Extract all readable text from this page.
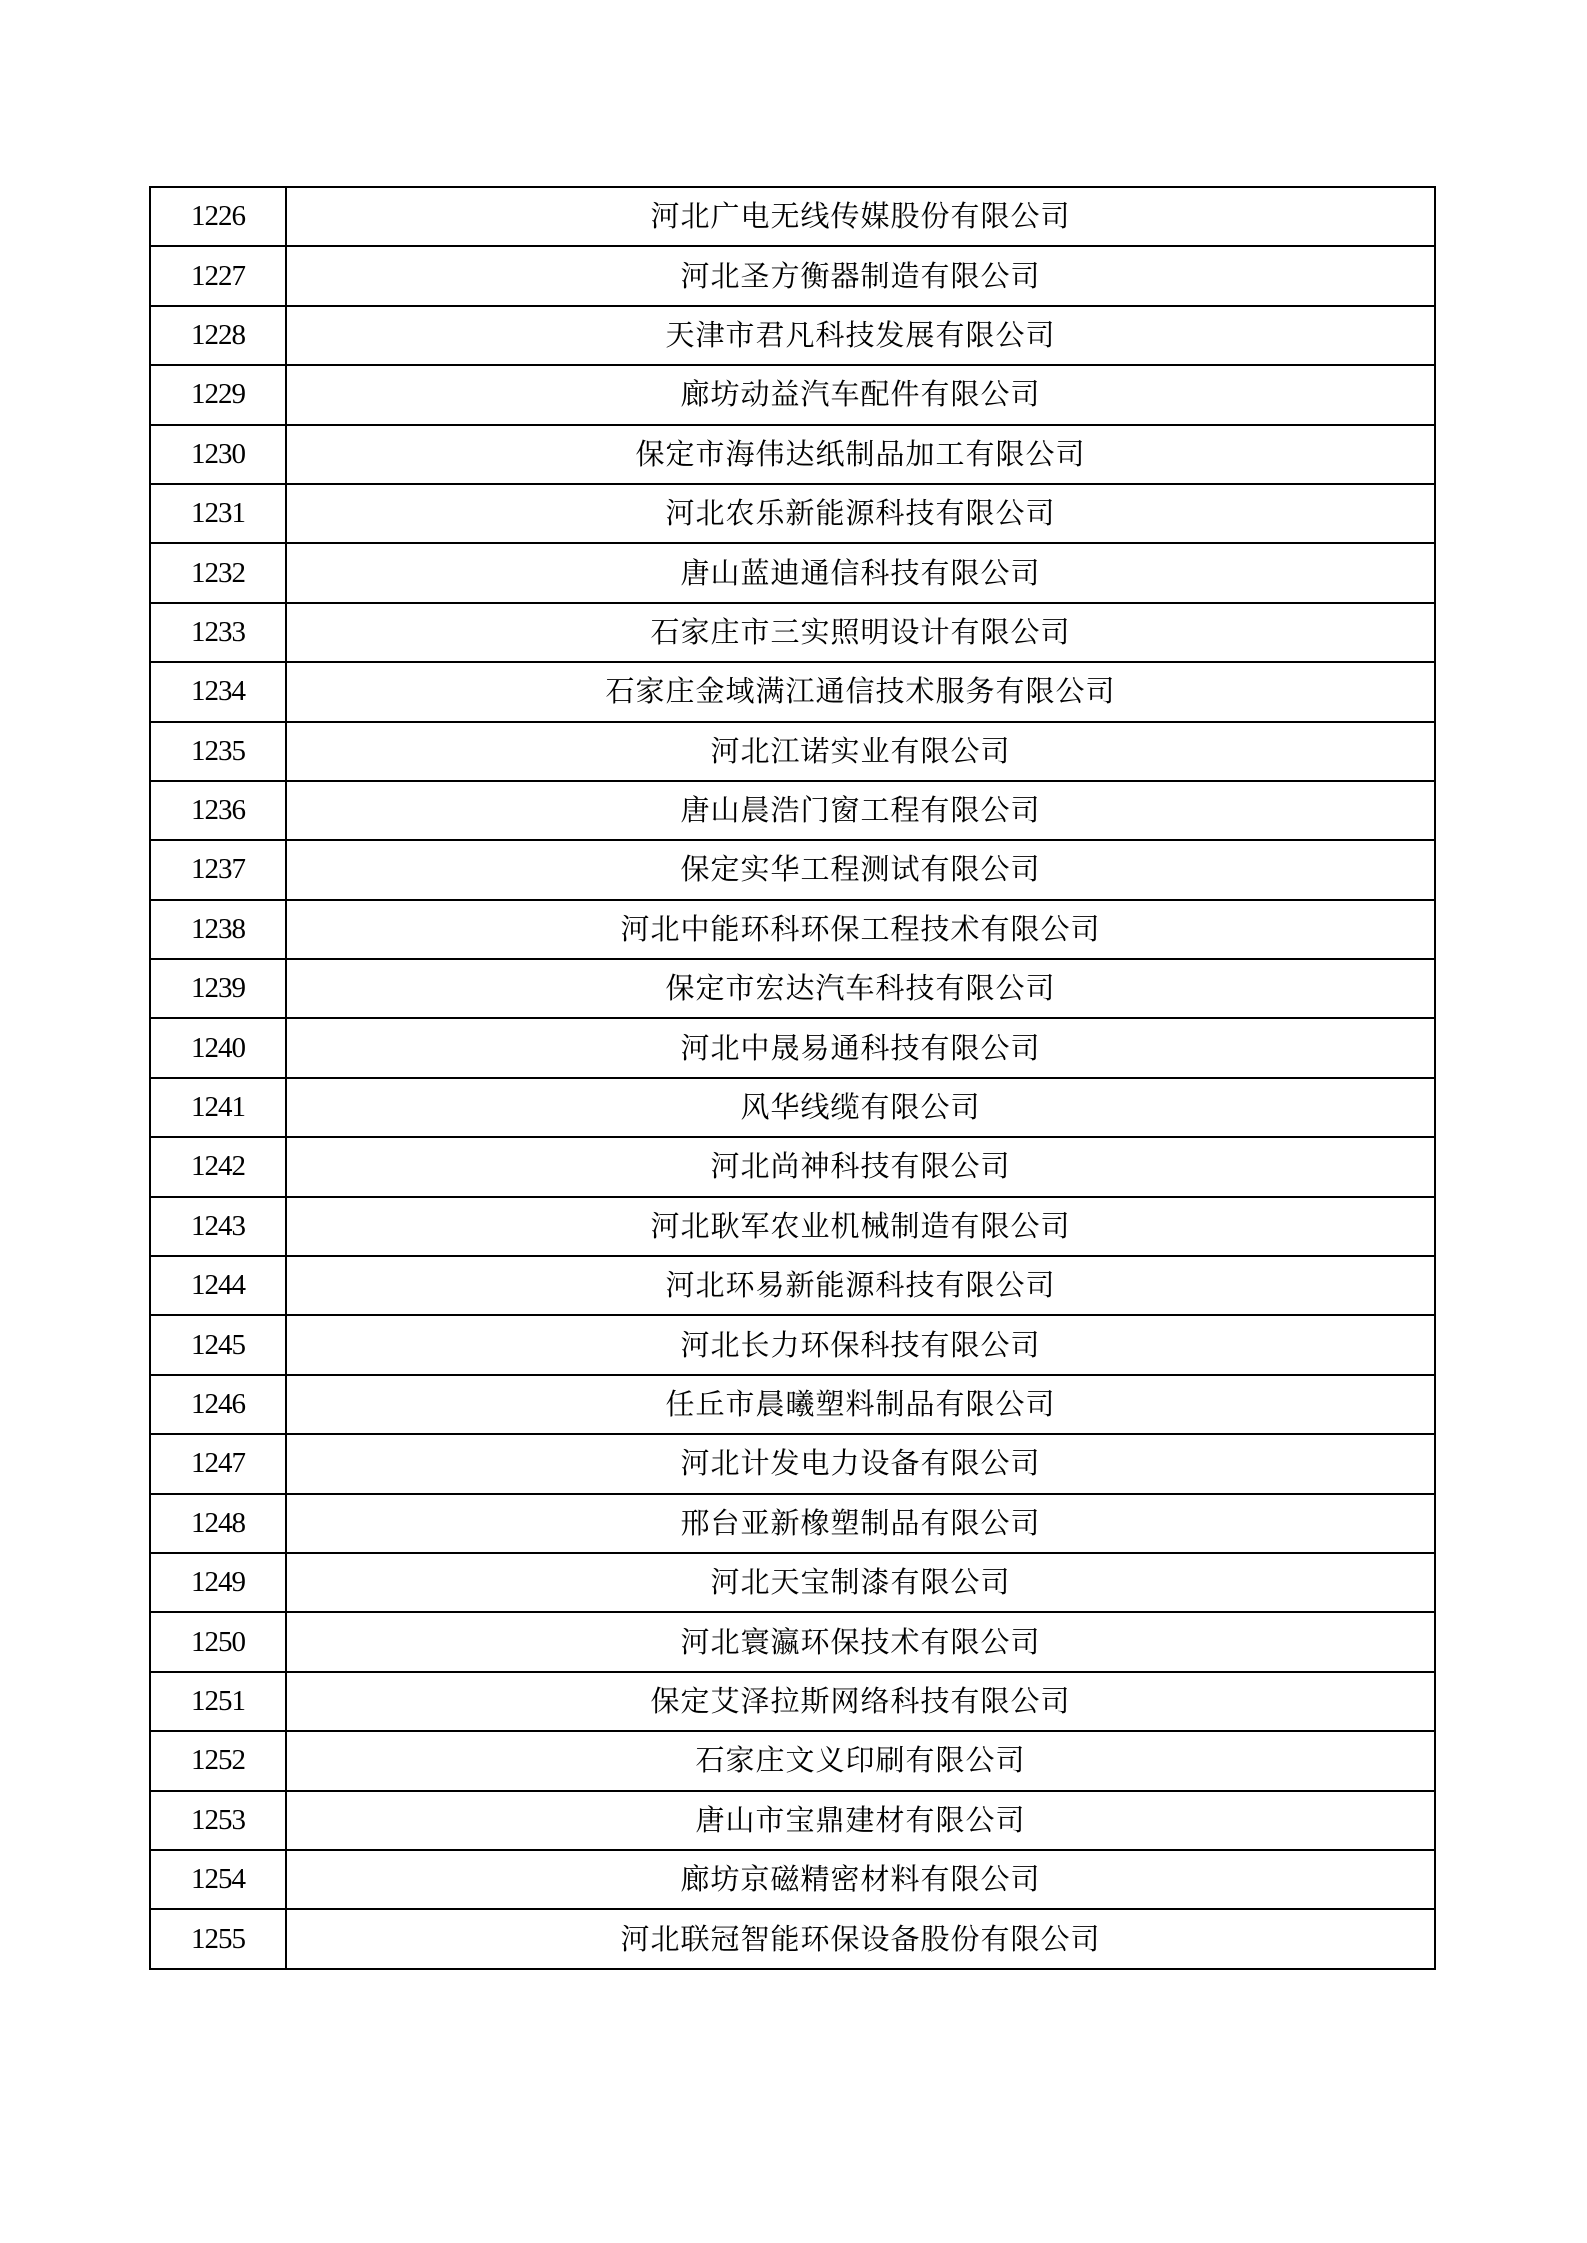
1226	河北广电无线传媒股份有限公司
1227	河北圣方衡器制造有限公司
1228	天津市君凡科技发展有限公司
1229	廊坊动益汽车配件有限公司
1230	保定市海伟达纸制品加工有限公司
1231	河北农乐新能源科技有限公司
1232	唐山蓝迪通信科技有限公司
1233	石家庄市三实照明设计有限公司
1234	石家庄金域满江通信技术服务有限公司
1235	河北江诺实业有限公司
1236	唐山晨浩门窗工程有限公司
1237	保定实华工程测试有限公司
1238	河北中能环科环保工程技术有限公司
1239	保定市宏达汽车科技有限公司
1240	河北中晟易通科技有限公司
1241	风华线缆有限公司
1242	河北尚神科技有限公司
1243	河北耿军农业机械制造有限公司
1244	河北环易新能源科技有限公司
1245	河北长力环保科技有限公司
1246	任丘市晨曦塑料制品有限公司
1247	河北计发电力设备有限公司
1248	邢台亚新橡塑制品有限公司
1249	河北天宝制漆有限公司
1250	河北寰瀛环保技术有限公司
1251	保定艾泽拉斯网络科技有限公司
1252	石家庄文义印刷有限公司
1253	唐山市宝鼎建材有限公司
1254	廊坊京磁精密材料有限公司
1255	河北联冠智能环保设备股份有限公司
